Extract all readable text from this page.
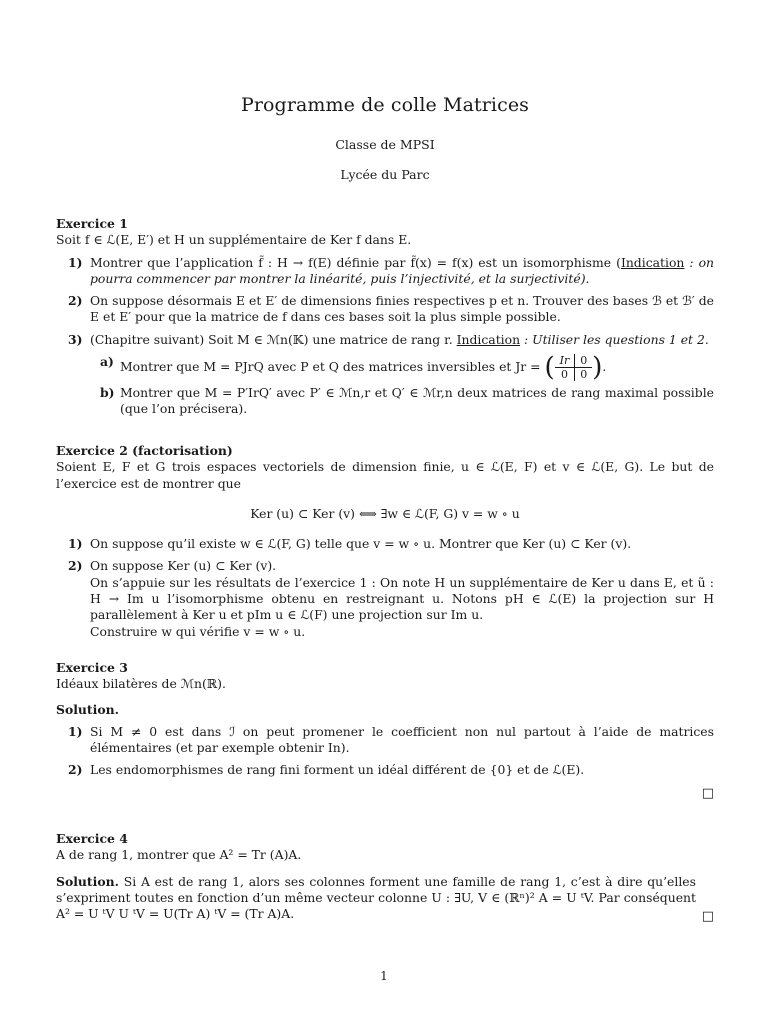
Programme de colle Matrices
Classe de MPSI
Lycée du Parc
Exercice 1
Soit f ∈ ℒ(E, E′) et H un supplémentaire de Ker f dans E.
1) Montrer que l’application f̃ : H → f(E) définie par f̃(x) = f(x) est un isomorphisme (Indication : on pourra commencer par montrer la linéarité, puis l’injectivité, et la surjectivité).
2) On suppose désormais E et E′ de dimensions finies respectives p et n. Trouver des bases ℬ et ℬ′ de E et E′ pour que la matrice de f dans ces bases soit la plus simple possible.
3) (Chapitre suivant) Soit M ∈ ℳn(𝕂) une matrice de rang r. Indication : Utiliser les questions 1 et 2.
a) Montrer que M = PJrQ avec P et Q des matrices inversibles et Jr = ( Ir	0
0	0 ).
b) Montrer que M = P′IrQ′ avec P′ ∈ ℳn,r et Q′ ∈ ℳr,n deux matrices de rang maximal possible (que l’on précisera).
Exercice 2 (factorisation)
Soient E, F et G trois espaces vectoriels de dimension finie, u ∈ ℒ(E, F) et v ∈ ℒ(E, G). Le but de l’exercice est de montrer que
Ker (u) ⊂ Ker (v) ⟺ ∃w ∈ ℒ(F, G) v = w ∘ u
1) On suppose qu’il existe w ∈ ℒ(F, G) telle que v = w ∘ u. Montrer que Ker (u) ⊂ Ker (v).
2) On suppose Ker (u) ⊂ Ker (v).
On s’appuie sur les résultats de l’exercice 1 : On note H un supplémentaire de Ker u dans E, et ũ : H → Im u l’isomorphisme obtenu en restreignant u. Notons pH ∈ ℒ(E) la projection sur H parallèlement à Ker u et pIm u ∈ ℒ(F) une projection sur Im u.
Construire w qui vérifie v = w ∘ u.
Exercice 3
Idéaux bilatères de ℳn(ℝ).
Solution.
1) Si M ≠ 0 est dans ℐ on peut promener le coefficient non nul partout à l’aide de matrices élémentaires (et par exemple obtenir In).
2) Les endomorphismes de rang fini forment un idéal différent de {0} et de ℒ(E).
□
Exercice 4
A de rang 1, montrer que A² = Tr (A)A.
Solution. Si A est de rang 1, alors ses colonnes forment une famille de rang 1, c’est à dire qu’elles s’expriment toutes en fonction d’un même vecteur colonne U : ∃U, V ∈ (ℝⁿ)² A = U ᵗV. Par conséquent A² = U ᵗV U ᵗV = U(Tr A) ᵗV = (Tr A)A.	□
1
